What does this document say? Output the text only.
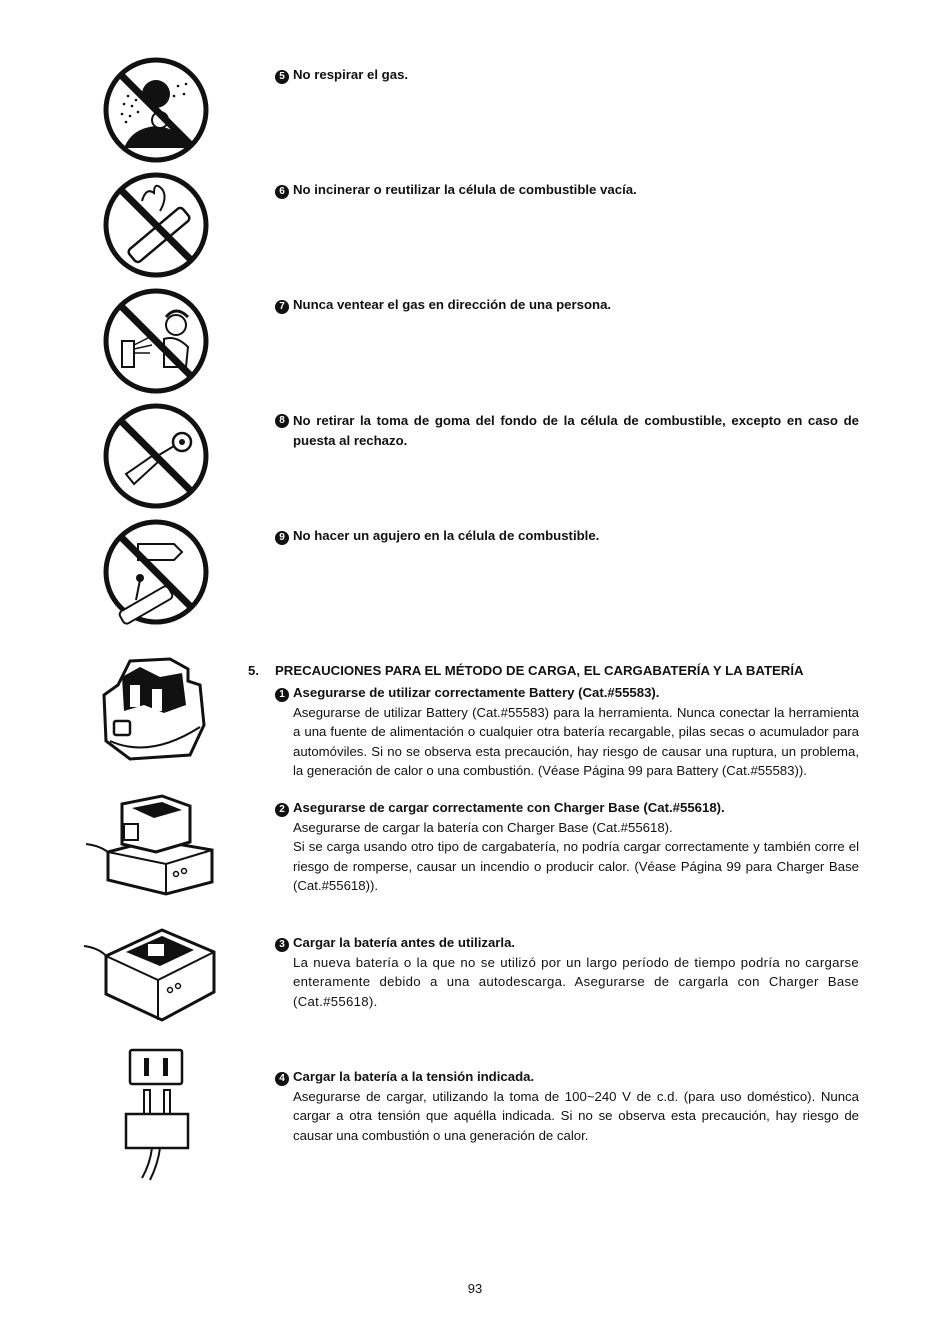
5 No respirar el gas.
6 No incinerar o reutilizar la célula de combustible vacía.
7 Nunca ventear el gas en dirección de una persona.
8 No retirar la toma de goma del fondo de la célula de combustible, excepto en caso de puesta al rechazo.
9 No hacer un agujero en la célula de combustible.
5. PRECAUCIONES PARA EL MÉTODO DE CARGA, EL CARGABATERÍA Y LA BATERÍA
1 Asegurarse de utilizar correctamente Battery (Cat.#55583).
Asegurarse de utilizar Battery (Cat.#55583) para la herramienta. Nunca conectar la herramienta a una fuente de alimentación o cualquier otra batería recargable, pilas secas o acumulador para automóviles. Si no se observa esta precaución, hay riesgo de causar una ruptura, un problema, la generación de calor o una combustión. (Véase Página 99 para Battery (Cat.#55583)).
2 Asegurarse de cargar correctamente con Charger Base (Cat.#55618).
Asegurarse de cargar la batería con Charger Base (Cat.#55618).
Si se carga usando otro tipo de cargabatería, no podría cargar correctamente y también corre el riesgo de romperse, causar un incendio o producir calor. (Véase Página 99 para Charger Base (Cat.#55618)).
3 Cargar la batería antes de utilizarla.
La nueva batería o la que no se utilizó por un largo período de tiempo podría no cargarse enteramente debido a una autodescarga. Asegurarse de cargarla con Charger Base (Cat.#55618).
4 Cargar la batería a la tensión indicada.
Asegurarse de cargar, utilizando la toma de 100~240 V de c.d. (para uso doméstico). Nunca cargar a otra tensión que aquélla indicada. Si no se observa esta precaución, hay riesgo de causar una combustión o una generación de calor.
93
